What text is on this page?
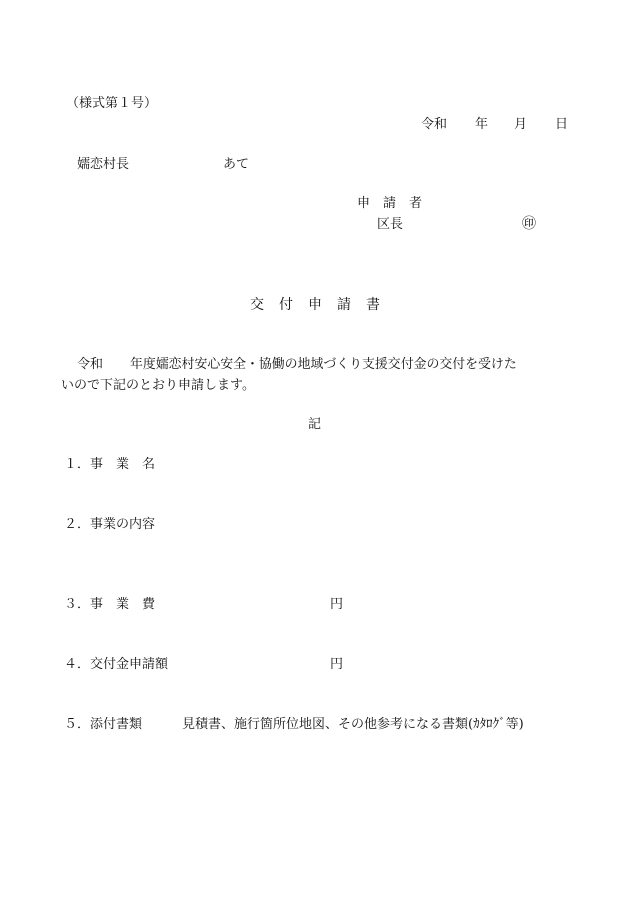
（様式第１号）
令和 年 月 日
嬬恋村長	あて
申請者
区長	㊞
交付申請書
令和 年度嬬恋村安心安全・協働の地域づくり支援交付金の交付を受けた
いので下記のとおり申請します。
記
１． 事業名
２． 事業の内容
３． 事業費	円
４． 交付金申請額	円
５． 添付書類	見積書、施行箇所位地図、その他参考になる書類(ｶﾀﾛｸﾞ等)
